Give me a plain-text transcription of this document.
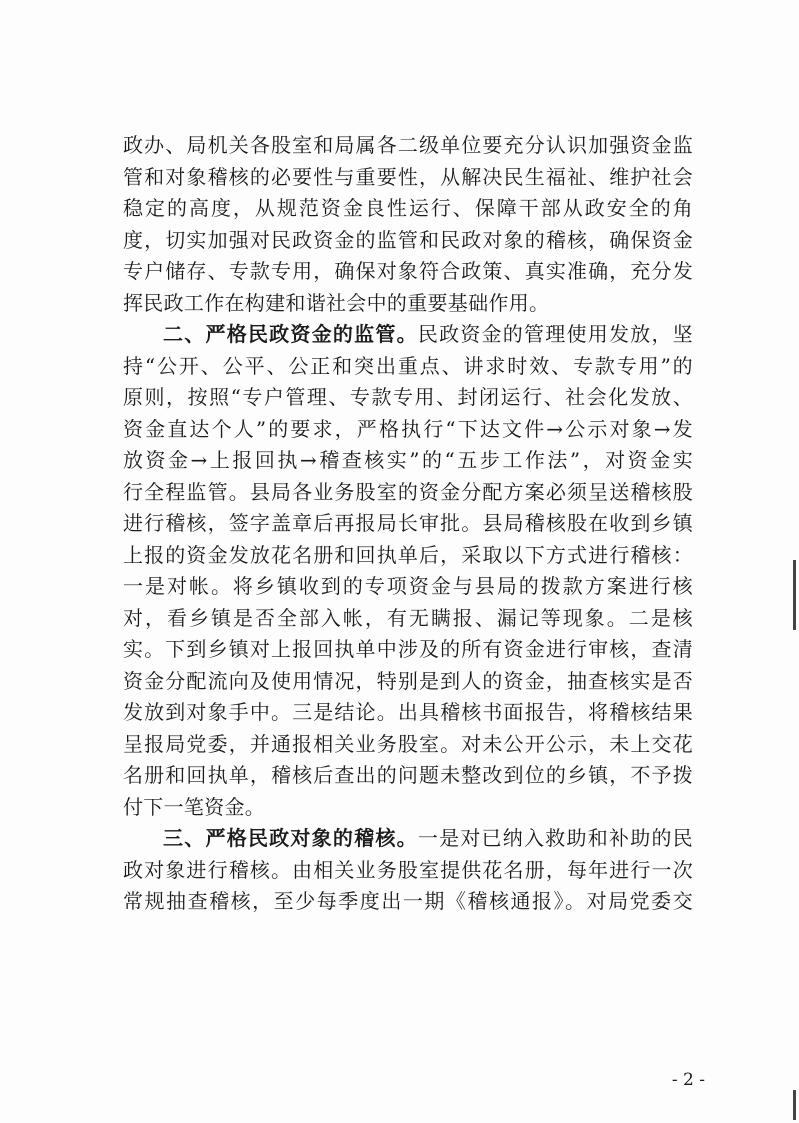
政办、局机关各股室和局属各二级单位要充分认识加强资金监
管和对象稽核的必要性与重要性，从解决民生福祉、维护社会
稳定的高度，从规范资金良性运行、保障干部从政安全的角
度，切实加强对民政资金的监管和民政对象的稽核，确保资金
专户储存、专款专用，确保对象符合政策、真实准确，充分发
挥民政工作在构建和谐社会中的重要基础作用。
二、严格民政资金的监管。民政资金的管理使用发放，坚
持“公开、公平、公正和突出重点、讲求时效、专款专用”的
原则，按照“专户管理、专款专用、封闭运行、社会化发放、
资金直达个人”的要求，严格执行“下达文件→公示对象→发
放资金→上报回执→稽查核实”的“五步工作法”，对资金实
行全程监管。县局各业务股室的资金分配方案必须呈送稽核股
进行稽核，签字盖章后再报局长审批。县局稽核股在收到乡镇
上报的资金发放花名册和回执单后，采取以下方式进行稽核：
一是对帐。将乡镇收到的专项资金与县局的拨款方案进行核
对，看乡镇是否全部入帐，有无瞒报、漏记等现象。二是核
实。下到乡镇对上报回执单中涉及的所有资金进行审核，查清
资金分配流向及使用情况，特别是到人的资金，抽查核实是否
发放到对象手中。三是结论。出具稽核书面报告，将稽核结果
呈报局党委，并通报相关业务股室。对未公开公示，未上交花
名册和回执单，稽核后查出的问题未整改到位的乡镇，不予拨
付下一笔资金。
三、严格民政对象的稽核。一是对已纳入救助和补助的民
政对象进行稽核。由相关业务股室提供花名册，每年进行一次
常规抽查稽核，至少每季度出一期《稽核通报》。对局党委交
- 2 -
